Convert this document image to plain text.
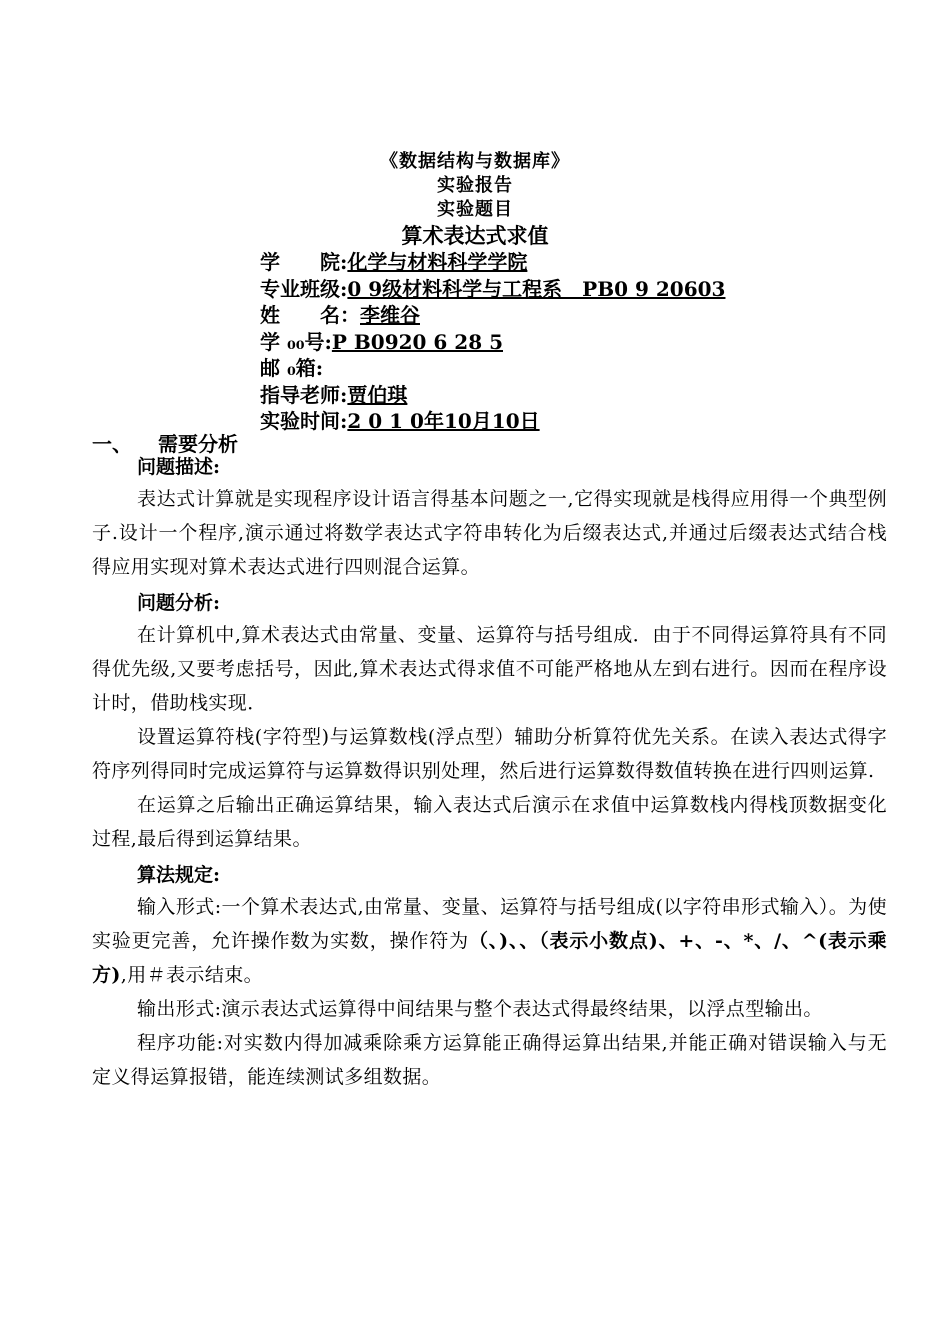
《数据结构与数据库》
实验报告
实验题目
算术表达式求值
学　　院:化学与材料科学学院
专业班级:0 9级材料科学与工程系　PB0 9 20603
姓　　名：李维谷
学 ₀₀号:P B0920 6 28 5
邮 ₀箱:
指导老师:贾伯琪
实验时间:2 0 1 0年10月10日
一、 需要分析

问题描述:

表达式计算就是实现程序设计语言得基本问题之一,它得实现就是栈得应用得一个典型例子.设计一个程序,演示通过将数学表达式字符串转化为后缀表达式,并通过后缀表达式结合栈得应用实现对算术表达式进行四则混合运算。

问题分析:

在计算机中,算术表达式由常量、变量、运算符与括号组成．由于不同得运算符具有不同得优先级,又要考虑括号，因此,算术表达式得求值不可能严格地从左到右进行。因而在程序设计时，借助栈实现．

设置运算符栈(字符型)与运算数栈(浮点型）辅助分析算符优先关系。在读入表达式得字符序列得同时完成运算符与运算数得识别处理，然后进行运算数得数值转换在进行四则运算.

在运算之后输出正确运算结果，输入表达式后演示在求值中运算数栈内得栈顶数据变化过程,最后得到运算结果。

算法规定:

输入形式:一个算术表达式,由常量、变量、运算符与括号组成(以字符串形式输入）。为使实验更完善，允许操作数为实数，操作符为（、)、、（表示小数点)、+、-、*、/、^(表示乘方),用＃表示结束。

输出形式:演示表达式运算得中间结果与整个表达式得最终结果，以浮点型输出。

程序功能:对实数内得加减乘除乘方运算能正确得运算出结果,并能正确对错误输入与无定义得运算报错，能连续测试多组数据。
